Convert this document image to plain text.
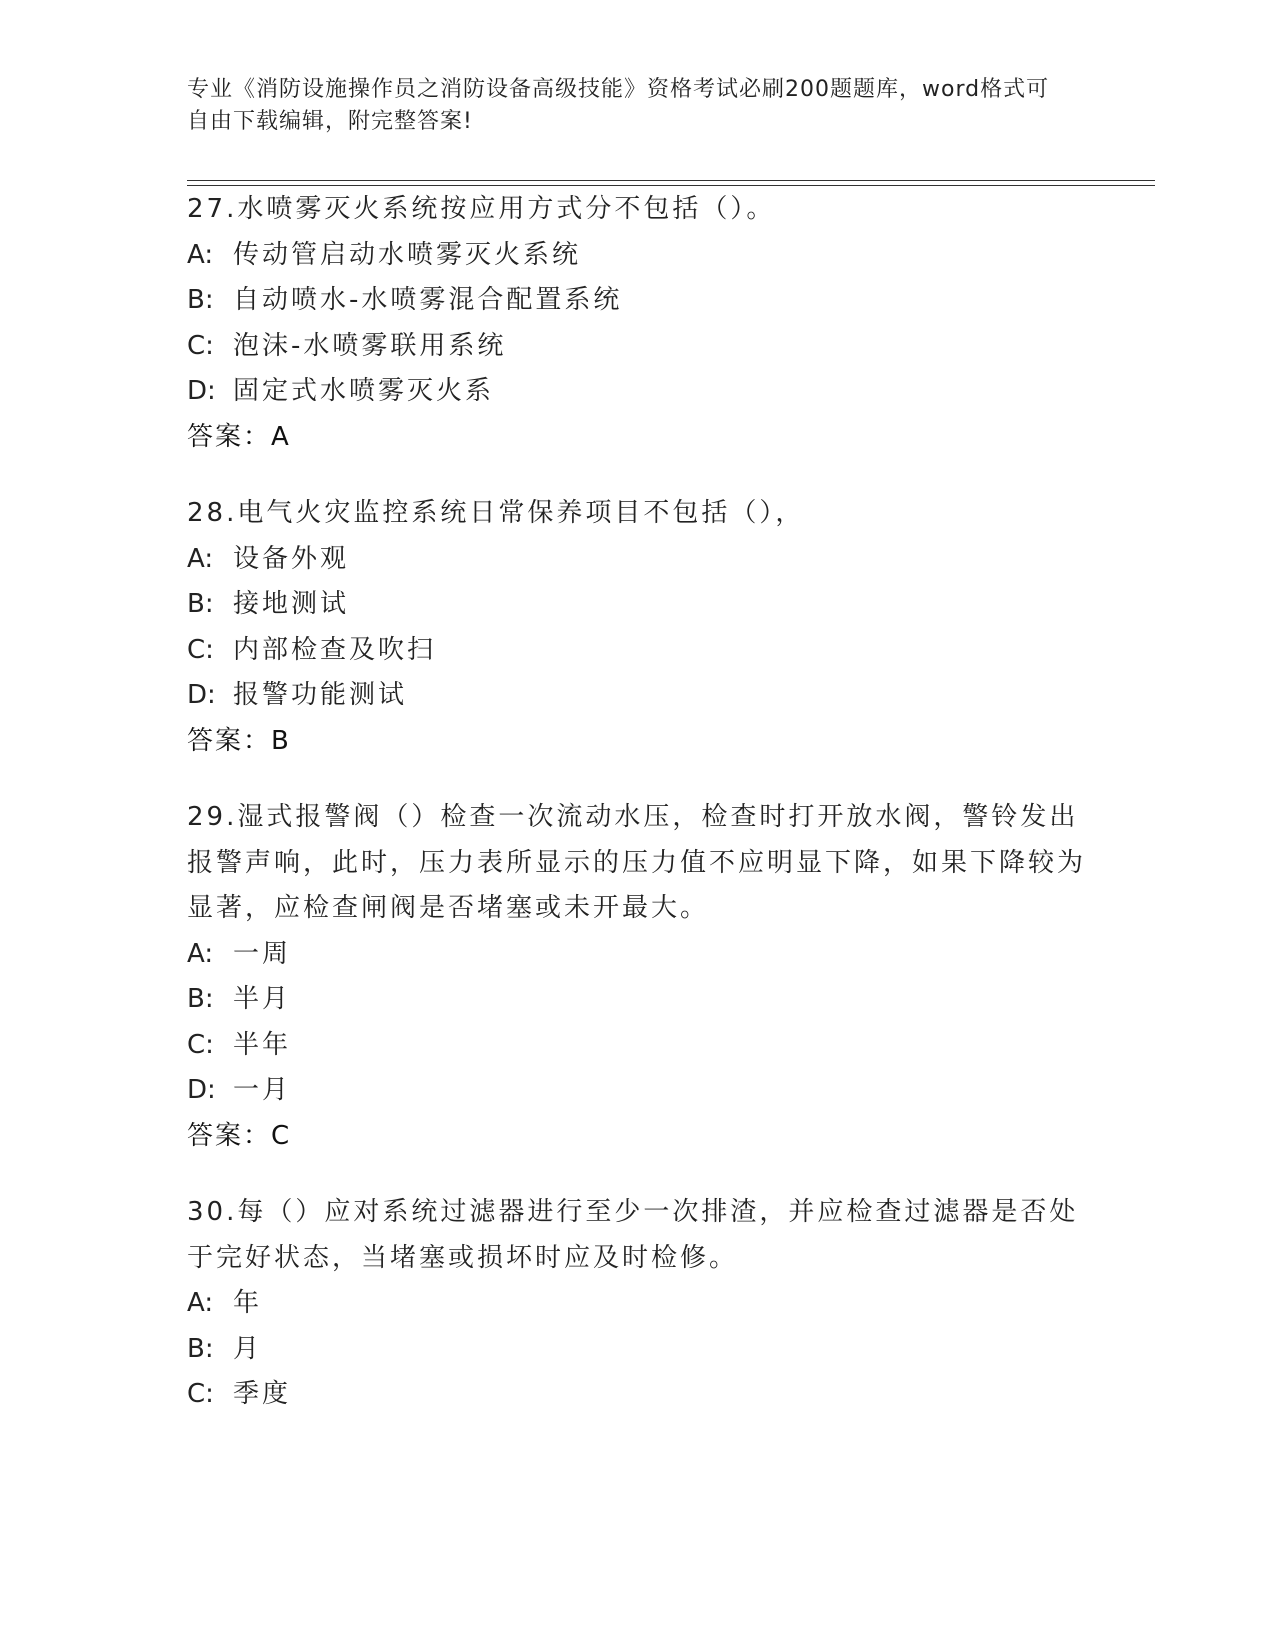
专业《消防设施操作员之消防设备高级技能》资格考试必刷200题题库，word格式可自由下载编辑，附完整答案!
27.水喷雾灭火系统按应用方式分不包括（）。
A: 传动管启动水喷雾灭火系统
B: 自动喷水-水喷雾混合配置系统
C: 泡沫-水喷雾联用系统
D: 固定式水喷雾灭火系
答案：A
28.电气火灾监控系统日常保养项目不包括（），
A: 设备外观
B: 接地测试
C: 内部检查及吹扫
D: 报警功能测试
答案：B
29.湿式报警阀（）检查一次流动水压，检查时打开放水阀，警铃发出报警声响，此时，压力表所显示的压力值不应明显下降，如果下降较为显著，应检查闸阀是否堵塞或未开最大。
A: 一周
B: 半月
C: 半年
D: 一月
答案：C
30.每（）应对系统过滤器进行至少一次排渣，并应检查过滤器是否处于完好状态，当堵塞或损坏时应及时检修。
A: 年
B: 月
C: 季度
